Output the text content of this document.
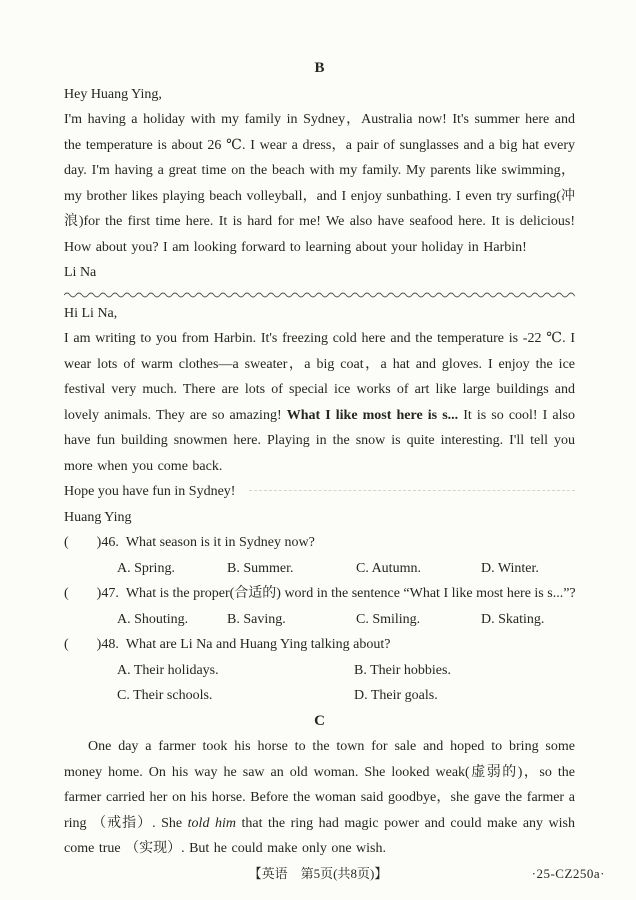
B

Hey Huang Ying,

I'm having a holiday with my family in Sydney，Australia now! It's summer here and the temperature is about 26 ℃. I wear a dress，a pair of sunglasses and a big hat every day. I'm having a great time on the beach with my family. My parents like swimming，my brother likes playing beach volleyball，and I enjoy sunbathing. I even try surfing(冲浪)for the first time here. It is hard for me! We also have seafood here. It is delicious! How about you? I am looking forward to learning about your holiday in Harbin!

Li Na

Hi Li Na,

I am writing to you from Harbin. It's freezing cold here and the temperature is -22 ℃. I wear lots of warm clothes—a sweater，a big coat，a hat and gloves. I enjoy the ice festival very much. There are lots of special ice works of art like large buildings and lovely animals. They are so amazing! What I like most here is s... It is so cool! I also have fun building snowmen here. Playing in the snow is quite interesting. I'll tell you more when you come back.

Hope you have fun in Sydney!

Huang Ying

(  )46. What season is it in Sydney now?

A. Spring.	B. Summer.	C. Autumn.	D. Winter.

(  )47. What is the proper(合适的) word in the sentence “What I like most here is s...”?

A. Shouting.	B. Saving.	C. Smiling.	D. Skating.

(  )48. What are Li Na and Huang Ying talking about?

A. Their holidays.	B. Their hobbies.
C. Their schools.	D. Their goals.
C

One day a farmer took his horse to the town for sale and hoped to bring some money home. On his way he saw an old woman. She looked weak(虚弱的)，so the farmer carried her on his horse. Before the woman said goodbye，she gave the farmer a ring （戒指）. She told him that the ring had magic power and could make any wish come true （实现）. But he could make only one wish.

【英语　第5页(共8页)】	·25-CZ250a·
